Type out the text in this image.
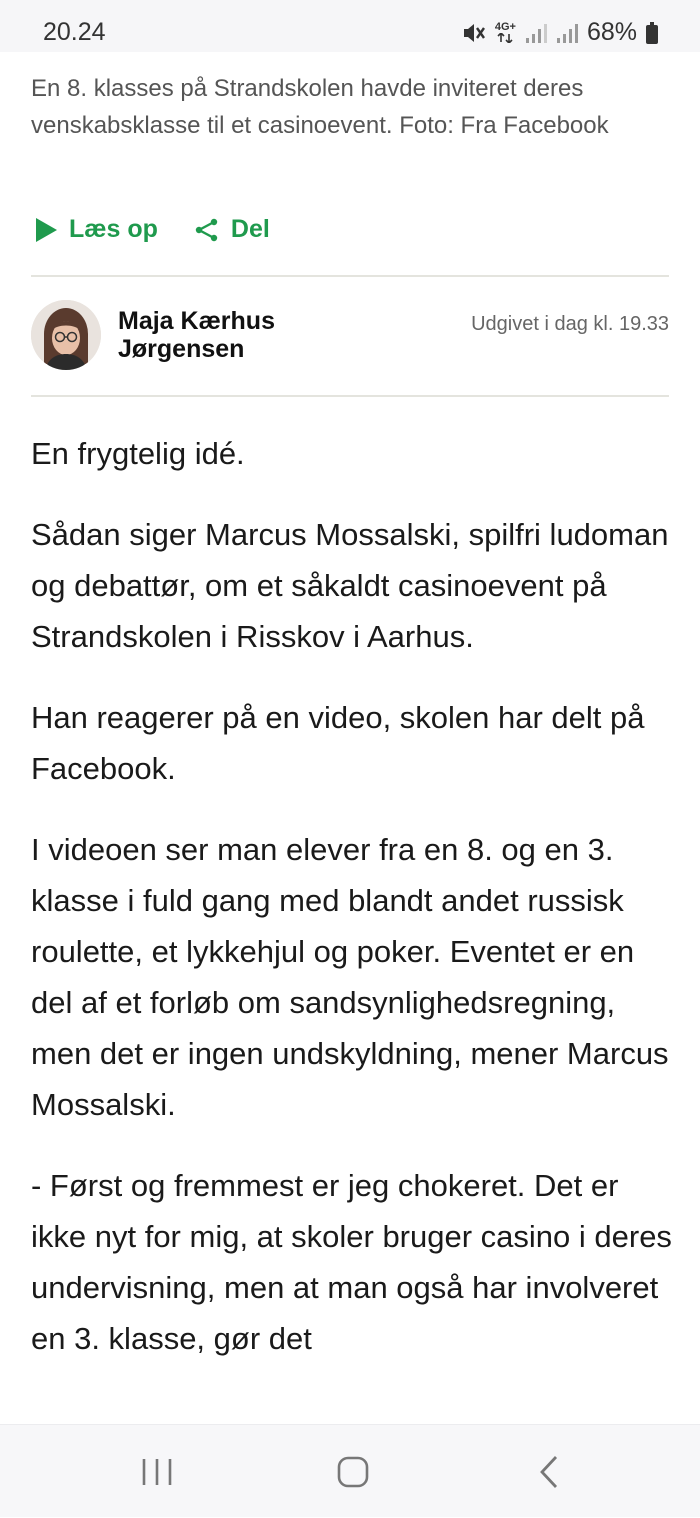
20.24	4G+	68%

En 8. klasses på Strandskolen havde inviteret deres venskabsklasse til et casinoevent. Foto: Fra Facebook

Læs op	Del
Maja Kærhus Jørgensen
Udgivet i dag kl. 19.33

En frygtelig idé.

Sådan siger Marcus Mossalski, spilfri ludoman og debattør, om et såkaldt casinoevent på Strandskolen i Risskov i Aarhus.

Han reagerer på en video, skolen har delt på Facebook.

I videoen ser man elever fra en 8. og en 3. klasse i fuld gang med blandt andet russisk roulette, et lykkehjul og poker. Eventet er en del af et forløb om sandsynlighedsregning, men det er ingen undskyldning, mener Marcus Mossalski.

- Først og fremmest er jeg chokeret. Det er ikke nyt for mig, at skoler bruger casino i deres undervisning, men at man også har involveret en 3. klasse, gør det
